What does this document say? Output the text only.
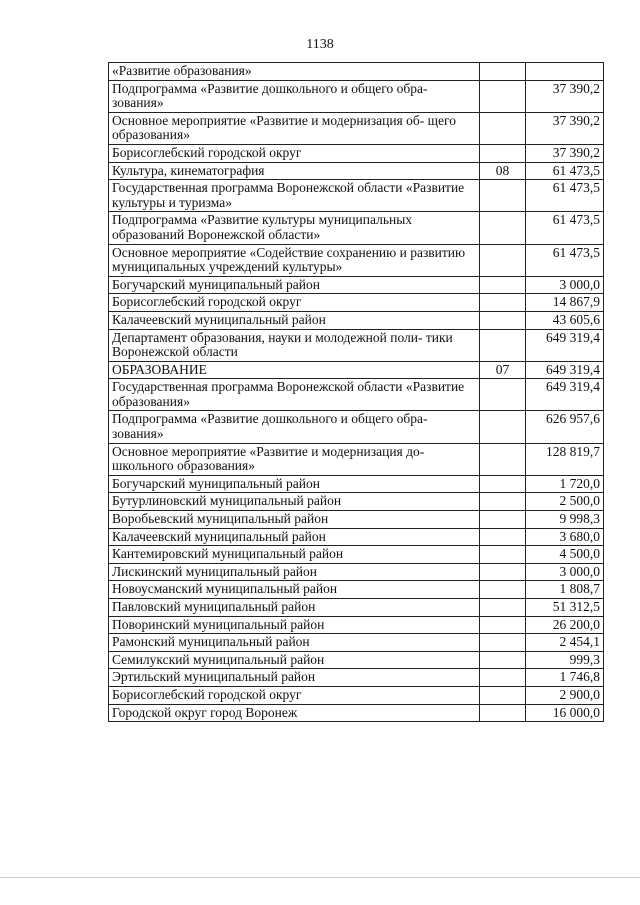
1138
«Развитие образования»		
Подпрограмма «Развитие дошкольного и общего обра- зования»		37 390,2
Основное мероприятие «Развитие и модернизация об- щего образования»		37 390,2
Борисоглебский городской округ		37 390,2
Культура, кинематография	08	61 473,5
Государственная программа Воронежской области «Развитие культуры и туризма»		61 473,5
Подпрограмма «Развитие культуры муниципальных образований Воронежской области»		61 473,5
Основное мероприятие «Содействие сохранению и развитию муниципальных учреждений культуры»		61 473,5
Богучарский муниципальный район		3 000,0
Борисоглебский городской округ		14 867,9
Калачеевский муниципальный район		43 605,6
Департамент образования, науки и молодежной поли- тики Воронежской области		649 319,4
ОБРАЗОВАНИЕ	07	649 319,4
Государственная программа Воронежской области «Развитие образования»		649 319,4
Подпрограмма «Развитие дошкольного и общего обра- зования»		626 957,6
Основное мероприятие «Развитие и модернизация до- школьного образования»		128 819,7
Богучарский муниципальный район		1 720,0
Бутурлиновский муниципальный район		2 500,0
Воробьевский муниципальный район		9 998,3
Калачеевский муниципальный район		3 680,0
Кантемировский муниципальный район		4 500,0
Лискинский муниципальный район		3 000,0
Новоусманский муниципальный район		1 808,7
Павловский муниципальный район		51 312,5
Поворинский муниципальный район		26 200,0
Рамонский муниципальный район		2 454,1
Семилукский муниципальный район		999,3
Эртильский муниципальный район		1 746,8
Борисоглебский городской округ		2 900,0
Городской округ город Воронеж		16 000,0
